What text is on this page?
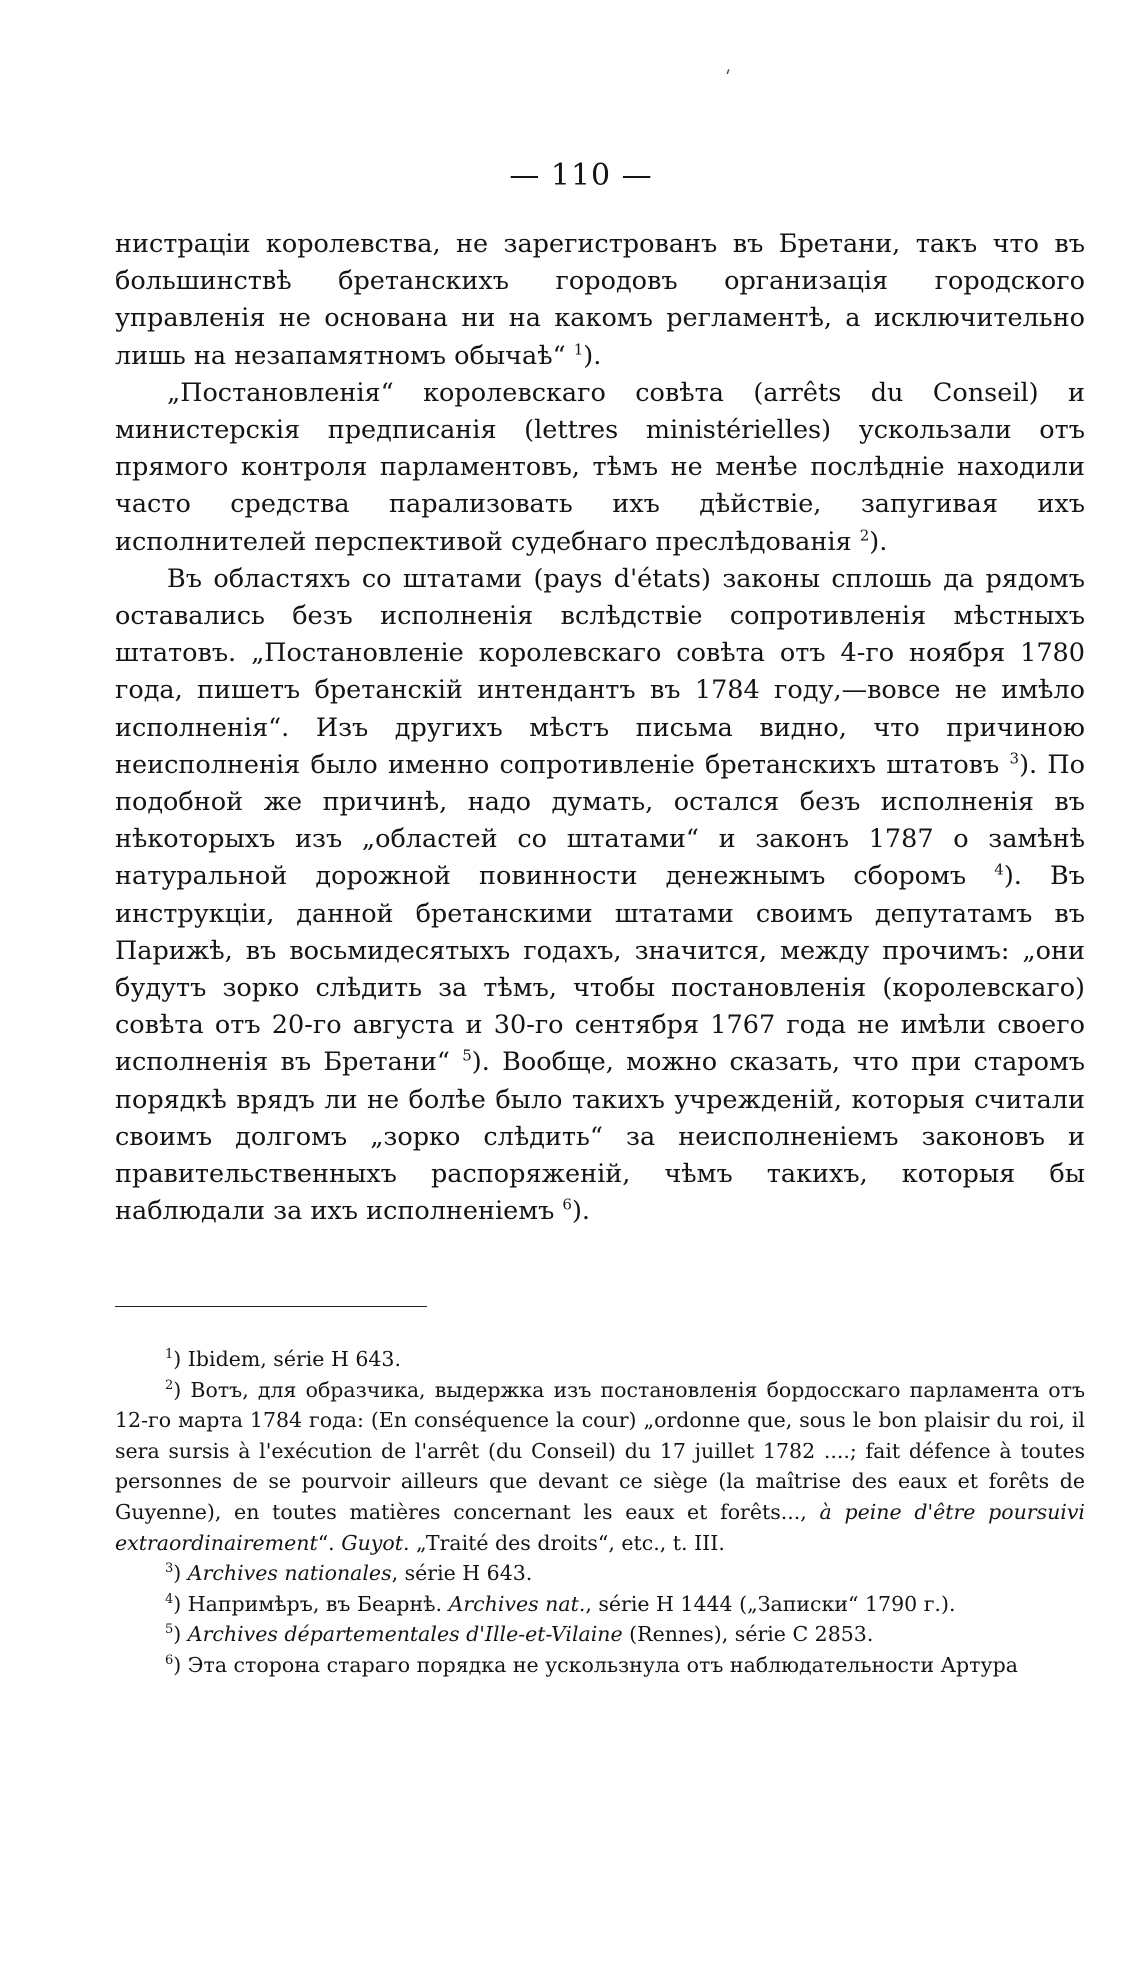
'
— 110 —

нистраціи королевства, не зарегистрованъ въ Бретани, такъ что въ большинствѣ бретанскихъ городовъ организація городского управленія не основана ни на какомъ регламентѣ, а исключительно лишь на незапамятномъ обычаѣ“ $^1$).

„Постановленія“ королевскаго совѣта (arrêts du Conseil) и министерскія предписанія (lettres ministérielles) ускользали отъ прямого контроля парламентовъ, тѣмъ не менѣе послѣдніе находили часто средства парализовать ихъ дѣйствіе, запугивая ихъ исполнителей перспективой судебнаго преслѣдованія $^2$).

Въ областяхъ со штатами (pays d'états) законы сплошь да рядомъ оставались безъ исполненія вслѣдствіе сопротивленія мѣстныхъ штатовъ. „Постановленіе королевскаго совѣта отъ 4-го ноября 1780 года, пишетъ бретанскій интендантъ въ 1784 году,—вовсе не имѣло исполненія“. Изъ другихъ мѣстъ письма видно, что причиною неисполненія было именно сопротивленіе бретанскихъ штатовъ $^3$). По подобной же причинѣ, надо думать, остался безъ исполненія въ нѣкоторыхъ изъ „областей со штатами“ и законъ 1787 о замѣнѣ натуральной дорожной повинности денежнымъ сборомъ $^4$). Въ инструкціи, данной бретанскими штатами своимъ депутатамъ въ Парижѣ, въ восьмидесятыхъ годахъ, значится, между прочимъ: „они будутъ зорко слѣдить за тѣмъ, чтобы постановленія (королевскаго) совѣта отъ 20-го августа и 30-го сентября 1767 года не имѣли своего исполненія въ Бретани“ $^5$). Вообще, можно сказать, что при старомъ порядкѣ врядъ ли не болѣе было такихъ учрежденій, которыя считали своимъ долгомъ „зорко слѣдить“ за неисполненіемъ законовъ и правительственныхъ распоряженій, чѣмъ такихъ, которыя бы наблюдали за ихъ исполненіемъ $^6$).

$^1$) Ibidem, série H 643.

$^2$) Вотъ, для образчика, выдержка изъ постановленія бордосскаго парламента отъ 12-го марта 1784 года: (En conséquence la cour) „ordonne que, sous le bon plaisir du roi, il sera sursis à l'exécution de l'arrêt (du Conseil) du 17 juillet 1782 ....; fait défence à toutes personnes de se pourvoir ailleurs que devant ce siège (la maîtrise des eaux et forêts de Guyenne), en toutes matières concernant les eaux et forêts..., à peine d'être poursuivi extraordinairement“. Guyot. „Traité des droits“, etc., t. III.

$^3$) Archives nationales, série H 643.

$^4$) Напримѣръ, въ Беарнѣ. Archives nat., série H 1444 („Записки“ 1790 г.).

$^5$) Archives départementales d'Ille-et-Vilaine (Rennes), série C 2853.

$^6$) Эта сторона стараго порядка не ускользнула отъ наблюдательности Артура
